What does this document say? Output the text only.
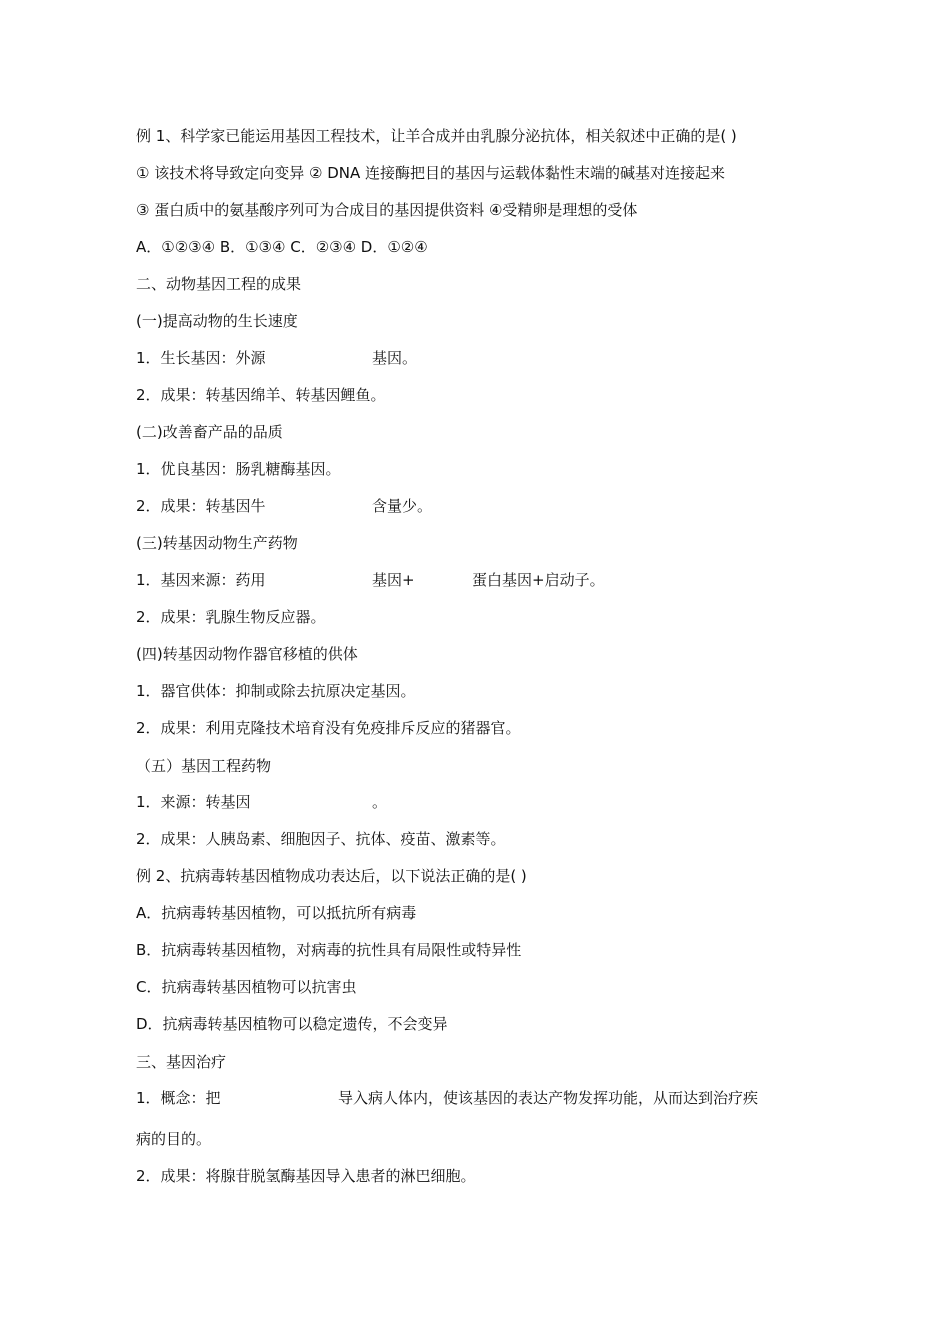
例 1、科学家已能运用基因工程技术，让羊合成并由乳腺分泌抗体，相关叙述中正确的是( )
① 该技术将导致定向变异 ② DNA 连接酶把目的基因与运载体黏性末端的碱基对连接起来
③ 蛋白质中的氨基酸序列可为合成目的基因提供资料 ④受精卵是理想的受体
A．①②③④ B．①③④ C．②③④ D．①②④
二、动物基因工程的成果
(一)提高动物的生长速度
1．生长基因：外源	基因。
2．成果：转基因绵羊、转基因鲤鱼。
(二)改善畜产品的品质
1．优良基因：肠乳糖酶基因。
2．成果：转基因牛	含量少。
(三)转基因动物生产药物
1．基因来源：药用	基因+	蛋白基因+启动子。
2．成果：乳腺生物反应器。
(四)转基因动物作器官移植的供体
1．器官供体：抑制或除去抗原决定基因。
2．成果：利用克隆技术培育没有免疫排斥反应的猪器官。
（五）基因工程药物
1．来源：转基因	。
2．成果：人胰岛素、细胞因子、抗体、疫苗、激素等。
例 2、抗病毒转基因植物成功表达后，以下说法正确的是( )
A．抗病毒转基因植物，可以抵抗所有病毒
B．抗病毒转基因植物，对病毒的抗性具有局限性或特异性
C．抗病毒转基因植物可以抗害虫
D．抗病毒转基因植物可以稳定遗传，不会变异
三、基因治疗
1．概念：把	导入病人体内，使该基因的表达产物发挥功能，从而达到治疗疾
病的目的。
2．成果：将腺苷脱氢酶基因导入患者的淋巴细胞。
